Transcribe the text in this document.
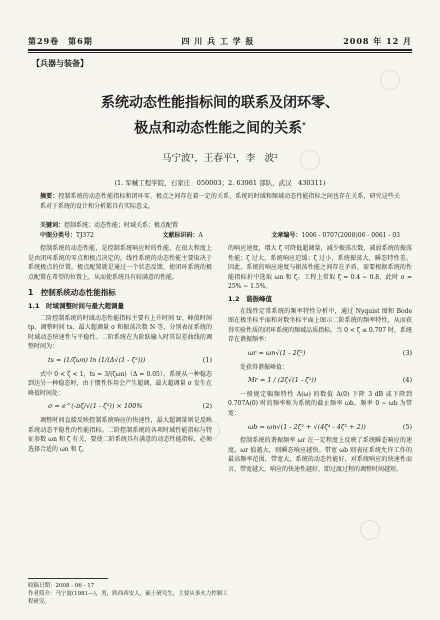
第29卷　第6期	四 川 兵 工 学 报	2008 年 12 月
【兵器与装备】
系统动态性能指标间的联系及闭环零、
极点和动态性能之间的关系*
马宁波¹，王春平¹，李　波²
(1. 军械工程学院，石家庄　050003；2. 63981 部队，武汉　430311)
摘要：控制系统的动态性能指标和闭环零、极点之间存在着一定的关系，系统的时域和频域动态性能指标之间也存在关系，研究这些关系对于系统的设计和分析都具有实际意义。
关键词：控制系统；动态性能；时域关系；极点配置
中图分类号：TJ372	文献标识码：A	文章编号：1006 - 0707(2008)06 - 0061 - 03

控制系统的动态性能，是控制系统响应时的性能，在很大程度上是由闭环系统的零点和极点决定的，线性系统的动态性能主要取决于系统极点的位置。极点配置就是通过一个状态反馈，使闭环系统的极点配置在希望的位置上，从而使系统具有较满意的性能。

1　控制系统动态性能指标
1.1　时域调整时间与最大超调量

二阶控制系统的时域动态性能指标主要有上升时间 tr、峰值时间 tp、调整时间 ts、最大超调量 σ 和振荡次数 N 等，分别表征系统的时域动态快速性与平稳性。二阶系统在为阶跃输入时其误差曲线的调整时间为：

ts = (1/ζωn) ln (1/(Δ√(1 - ζ²)))	(1)

式中 0 < ζ < 1，ts ≈ 3/(ζωn)（Δ = 0.05）。系统从一种稳态到达另一种稳态时，由于惯性作用会产生超调，最大超调量 σ 发生在峰值时间处：

σ = e^(-πζ/√(1 - ζ²)) × 100%	(2)

调整时间直接反映控制系统响应的快速性，最大超调量则是反映系统动态平稳性的性能指标。二阶控制系统的各项时域性能指标与特征参数 ωn 和 ζ 有关，要使二阶系统具有满意的动态性能指标，必须选择合适的 ωn 和 ζ。

的响应速度，增大 ζ 可降低超调量，减少振荡次数，减弱系统的振荡性能；ζ 过大，系统响应迟缓；ζ 过小，系统振荡大，瞬态特性差。因此，系统的响应速度与振荡性能之间存在矛盾，需要根据系统的性能指标折中选取 ωn 和 ζ。工程上常取 ζ = 0.4 ~ 0.8，此时 σ = 25% ~ 1.5%。

1.2　谐振峰值

在线性定常系统的频率特性分析中，通过 Nyquist 图和 Bode 图在极坐标平面和对数坐标平面上图示二阶系统的频率特性，从而获得实验性质的闭环系统的频域品质指标。当 0 < ζ ≤ 0.707 时，系统存在谐振频率：

ωr = ωn√(1 - 2ζ²)	(3)

处获得谐振峰值：

Mr = 1 / (2ζ√(1 - ζ²))	(4)

一般规定幅频特性 A(ω) 的数值 A(0) 下降 3 dB 或下降到 0.707A(0) 时的频率称为系统的截止频率 ωb，频率 0 ~ ωb 为带宽：

ωb = ωn√(1 - 2ζ² + √(4ζ⁴ - 4ζ² + 2))	(5)

控制系统的谐振频率 ωr 在一定程度上反映了系统瞬态响应的速度，ωr 值越大，则瞬态响应越快。带宽 ωb 则表征系统允许工作的最高频率范围，带宽大，系统的动态性能好，对系统响应的快速性而言，带宽越大，响应的快速性越好，即过渡过程的调整时间越短。

收稿日期：2008 - 06 - 17
作者简介：马宁波(1981—)，男，陕西西安人，硕士研究生，主要从事火力控制工程研究。
